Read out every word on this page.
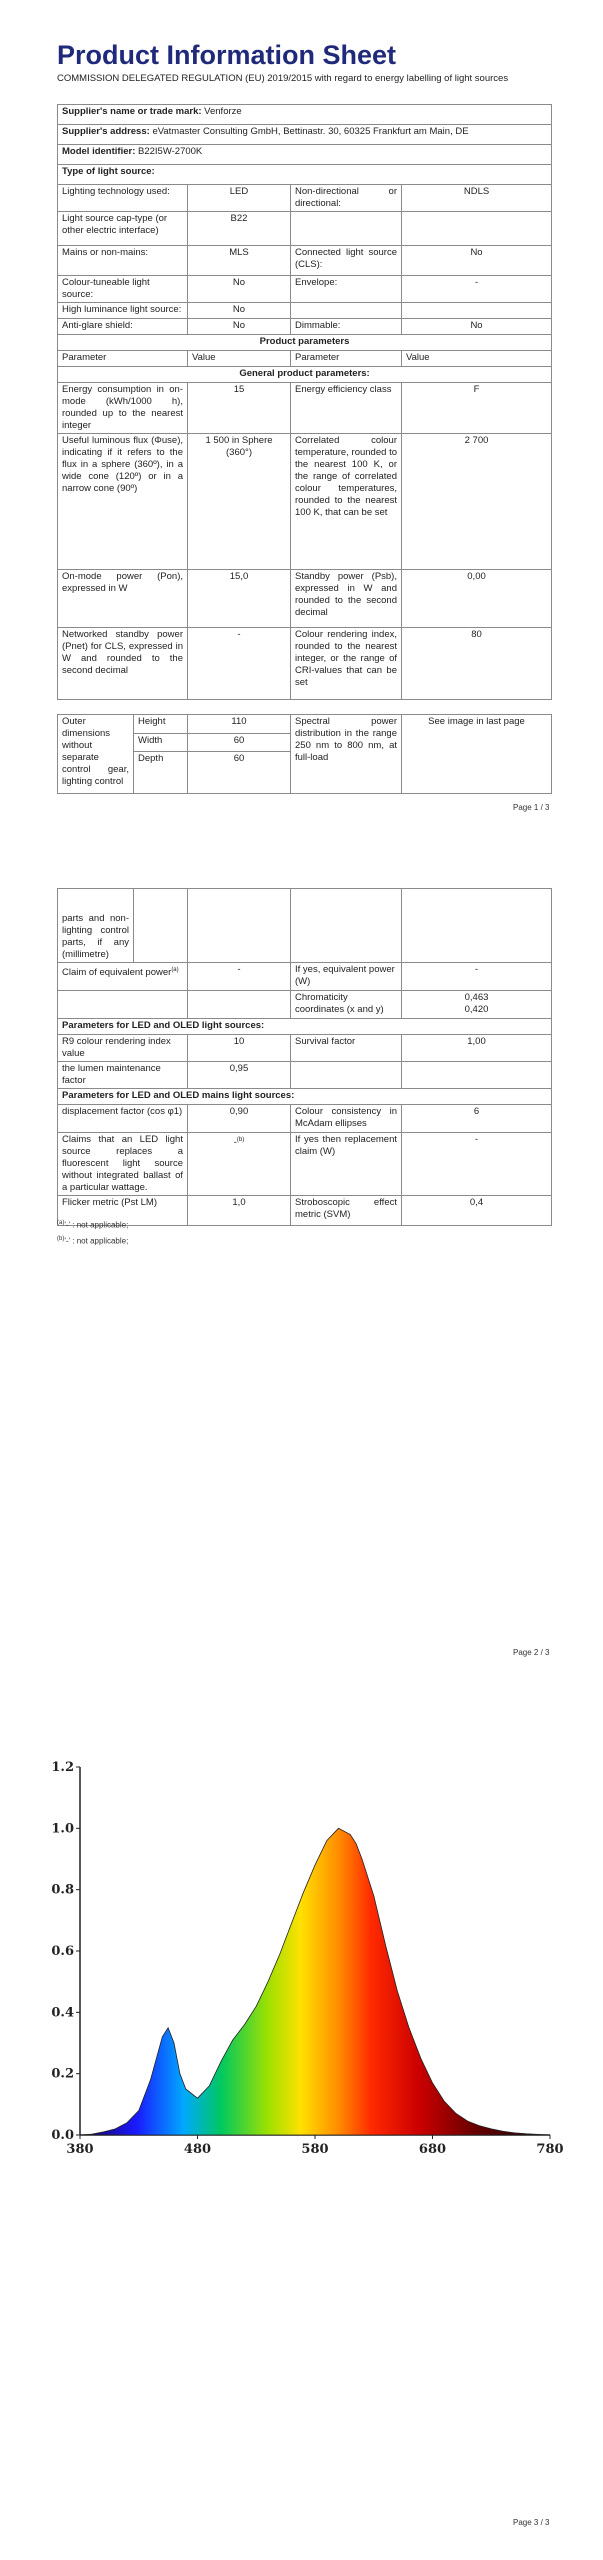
Product Information Sheet
COMMISSION DELEGATED REGULATION (EU) 2019/2015 with regard to energy labelling of light sources
Supplier's name or trade mark: Venforze			
Supplier's address: eVatmaster Consulting GmbH, Bettinastr. 30, 60325 Frankfurt am Main, DE			
Model identifier: B22I5W-2700K			
Type of light source:			
Lighting technology used:	LED	Non-directional or directional:	NDLS
Light source cap-type (or other electric interface)	B22		
Mains or non-mains:	MLS	Connected light source (CLS):	No
Colour-tuneable light source:	No	Envelope:	-
High luminance light source:	No		
Anti-glare shield:	No	Dimmable:	No
Product parameters			
Parameter	Value	Parameter	Value
General product parameters:			
Energy consumption in on-mode (kWh/1000 h), rounded up to the nearest integer	15	Energy efficiency class	F
Useful luminous flux (Φuse), indicating if it refers to the flux in a sphere (360º), in a wide cone (120º) or in a narrow cone (90º)	1 500 in Sphere (360°)	Correlated colour temperature, rounded to the nearest 100 K, or the range of correlated colour temperatures, rounded to the nearest 100 K, that can be set	2 700
On-mode power (Pon), expressed in W	15,0	Standby power (Psb), expressed in W and rounded to the second decimal	0,00
Networked standby power (Pnet) for CLS, expressed in W and rounded to the second decimal	-	Colour rendering index, rounded to the nearest integer, or the range of CRI-values that can be set	80
Outer dimensions without separate control gear, lighting control	Height	110	Spectral power distribution in the range 250 nm to 800 nm, at full-load	See image in last page
	Width	60		
	Depth	60		
Page 1 / 3
parts and non-lighting control parts, if any (millimetre)				
Claim of equivalent power$^{(a)}$		-	If yes, equivalent power (W)	-
			Chromaticity coordinates (x and y)	0,463
0,420

Parameters for LED and OLED light sources:				
R9 colour rendering index value		10	Survival factor	1,00
the lumen maintenance factor		0,95		
Parameters for LED and OLED mains light sources:				
displacement factor (cos φ1)		0,90	Colour consistency in McAdam ellipses	6
Claims that an LED light source replaces a fluorescent light source without integrated ballast of a particular wattage.		-$^{(b)}$	If yes then replacement claim (W)	-
Flicker metric (Pst LM)		1,0	Stroboscopic effect metric (SVM)	0,4
$^{(a)}$'-' : not applicable;
$^{(b)}$'-' : not applicable;
Page 2 / 3
0.0
0.2
0.4
0.6
0.8
1.0
1.2
380	480	580	680	780
Page 3 / 3
